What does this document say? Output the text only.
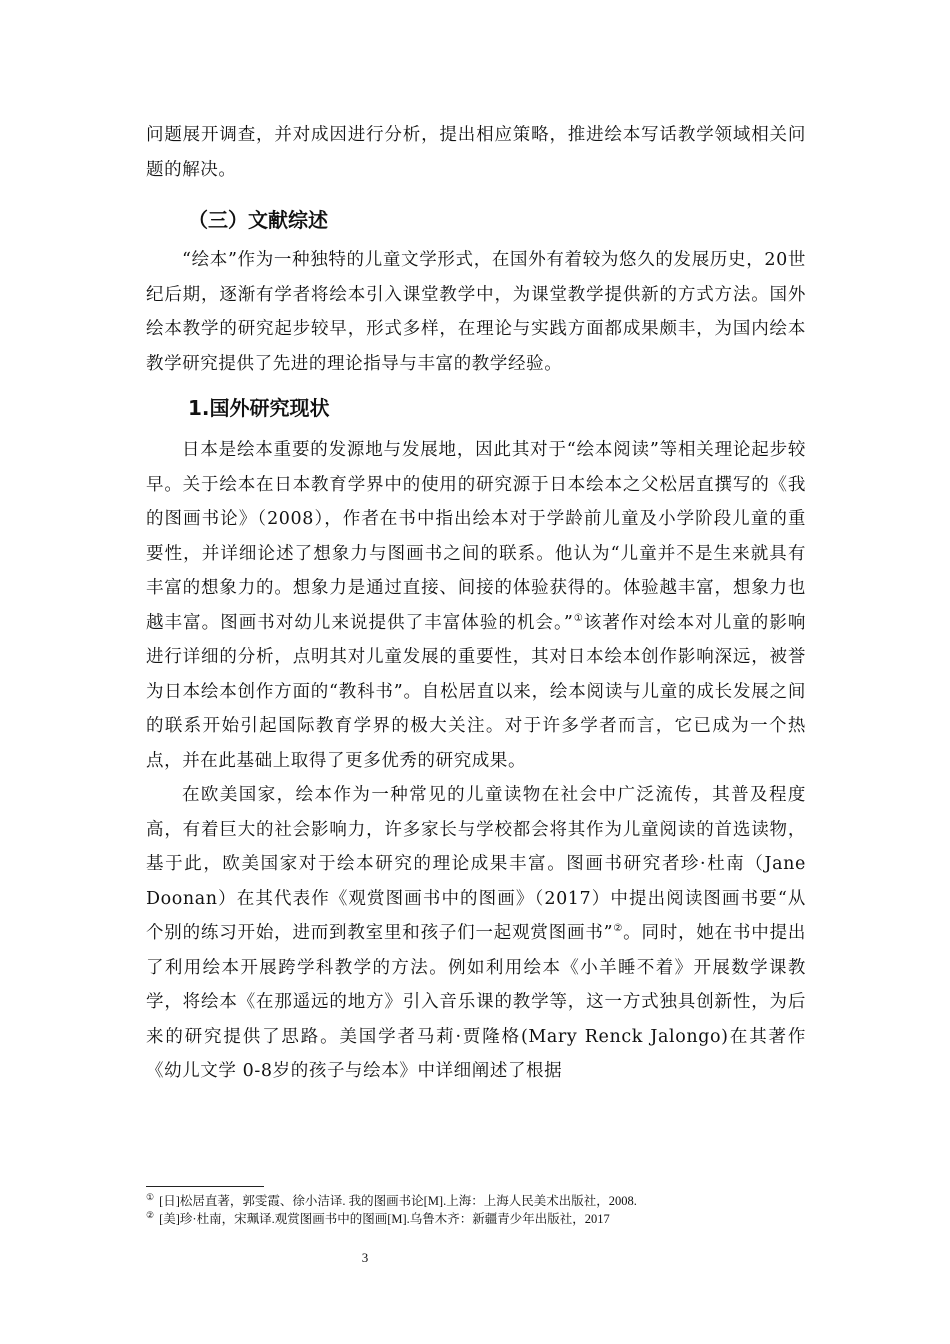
问题展开调查，并对成因进行分析，提出相应策略，推进绘本写话教学领域相关问题的解决。

（三）文献综述

“绘本”作为一种独特的儿童文学形式，在国外有着较为悠久的发展历史，20世纪后期，逐渐有学者将绘本引入课堂教学中，为课堂教学提供新的方式方法。国外绘本教学的研究起步较早，形式多样，在理论与实践方面都成果颇丰，为国内绘本教学研究提供了先进的理论指导与丰富的教学经验。

1.国外研究现状

日本是绘本重要的发源地与发展地，因此其对于“绘本阅读”等相关理论起步较早。关于绘本在日本教育学界中的使用的研究源于日本绘本之父松居直撰写的《我的图画书论》（2008），作者在书中指出绘本对于学龄前儿童及小学阶段儿童的重要性，并详细论述了想象力与图画书之间的联系。他认为“儿童并不是生来就具有丰富的想象力的。想象力是通过直接、间接的体验获得的。体验越丰富，想象力也越丰富。图画书对幼儿来说提供了丰富体验的机会。”①该著作对绘本对儿童的影响进行详细的分析，点明其对儿童发展的重要性，其对日本绘本创作影响深远，被誉为日本绘本创作方面的“教科书”。自松居直以来，绘本阅读与儿童的成长发展之间的联系开始引起国际教育学界的极大关注。对于许多学者而言，它已成为一个热点，并在此基础上取得了更多优秀的研究成果。

在欧美国家，绘本作为一种常见的儿童读物在社会中广泛流传，其普及程度高，有着巨大的社会影响力，许多家长与学校都会将其作为儿童阅读的首选读物，基于此，欧美国家对于绘本研究的理论成果丰富。图画书研究者珍·杜南（Jane Doonan）在其代表作《观赏图画书中的图画》（2017）中提出阅读图画书要“从个别的练习开始，进而到教室里和孩子们一起观赏图画书”②。同时，她在书中提出了利用绘本开展跨学科教学的方法。例如利用绘本《小羊睡不着》开展数学课教学，将绘本《在那遥远的地方》引入音乐课的教学等，这一方式独具创新性，为后来的研究提供了思路。美国学者马莉·贾隆格(Mary Renck Jalongo)在其著作《幼儿文学 0-8岁的孩子与绘本》中详细阐述了根据

① [日]松居直著，郭雯霞、徐小洁译. 我的图画书论[M].上海：上海人民美术出版社，2008.
② [美]珍·杜南，宋珮译.观赏图画书中的图画[M].乌鲁木齐：新疆青少年出版社，2017
3
